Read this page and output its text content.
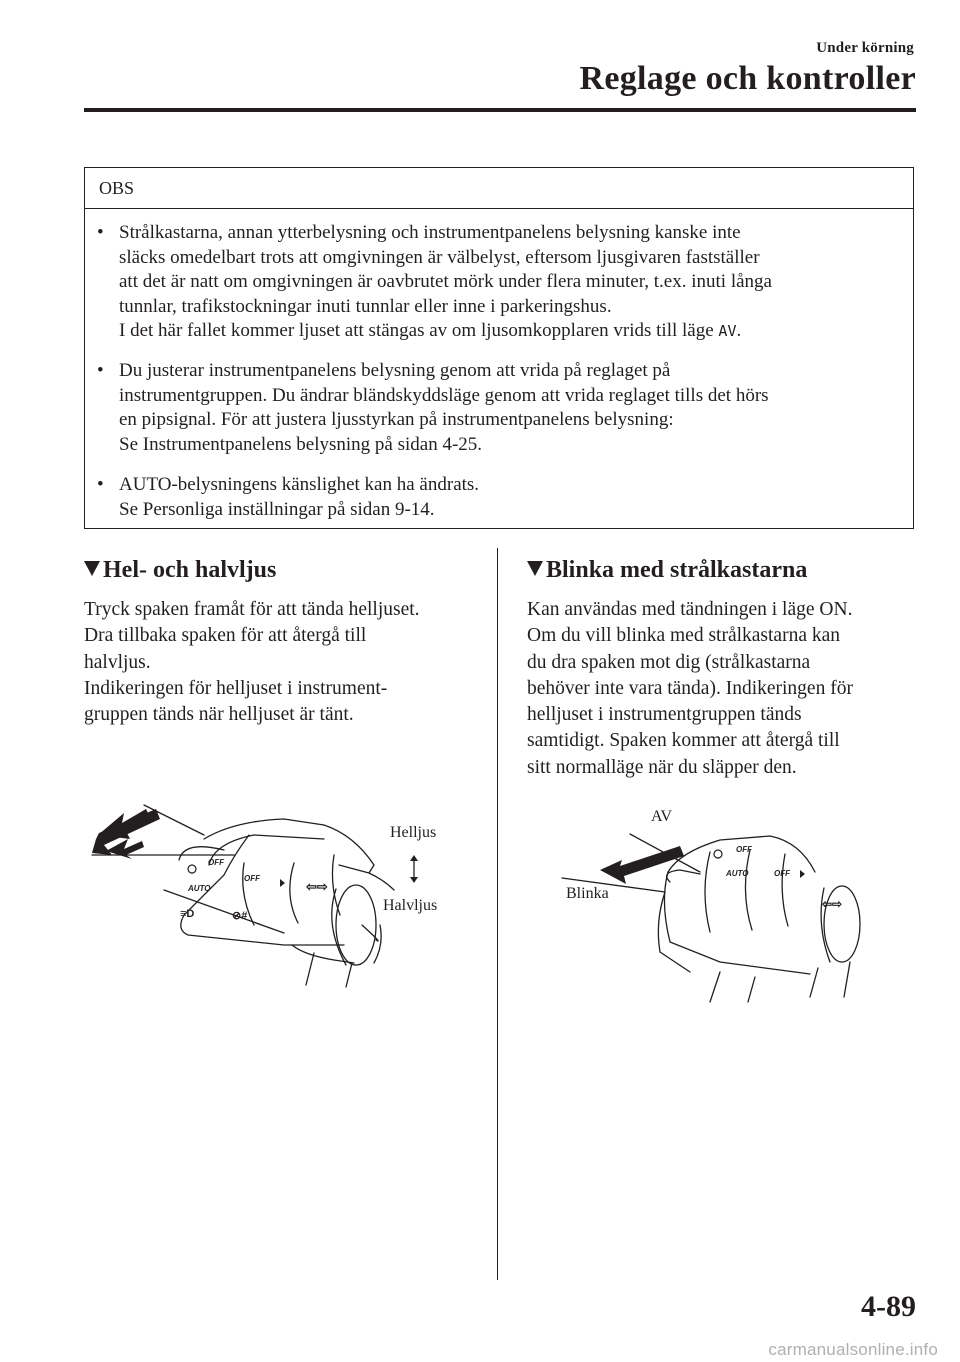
Under körning
Reglage och kontroller
OBS
• Strålkastarna, annan ytterbelysning och instrumentpanelens belysning kanske inte
släcks omedelbart trots att omgivningen är välbelyst, eftersom ljusgivaren fastställer
att det är natt om omgivningen är oavbrutet mörk under flera minuter, t.ex. inuti långa
tunnlar, trafikstockningar inuti tunnlar eller inne i parkeringshus.
I det här fallet kommer ljuset att stängas av om ljusomkopplaren vrids till läge AV.
• Du justerar instrumentpanelens belysning genom att vrida på reglaget på
instrumentgruppen. Du ändrar bländskyddsläge genom att vrida reglaget tills det hörs
en pipsignal. För att justera ljusstyrkan på instrumentpanelens belysning:
Se Instrumentpanelens belysning på sidan 4-25.
• AUTO-belysningens känslighet kan ha ändrats.
Se Personliga inställningar på sidan 9-14.
Hel- och halvljus
Tryck spaken framåt för att tända helljuset.
Dra tillbaka spaken för att återgå till
halvljus.
Indikeringen för helljuset i instrument-
gruppen tänds när helljuset är tänt.
OFF
AUTO
OFF
≡D	⊘#
⇦⇨
Helljus
Halvljus
Blinka med strålkastarna
Kan användas med tändningen i läge ON.
Om du vill blinka med strålkastarna kan
du dra spaken mot dig (strålkastarna
behöver inte vara tända). Indikeringen för
helljuset i instrumentgruppen tänds
samtidigt. Spaken kommer att återgå till
sitt normalläge när du släpper den.
OFF
AUTO	OFF
⇦⇨
AV
Blinka
4-89
carmanualsonline.info
